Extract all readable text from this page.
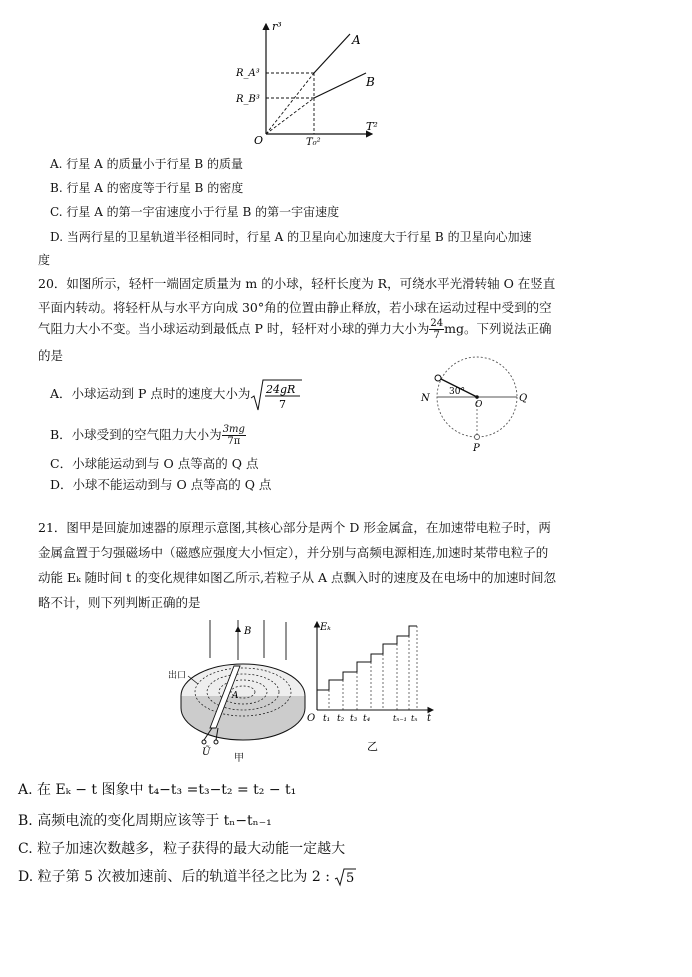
r³
T²
O	T₀²
R_A³
R_B³
A
B
A. 行星 A 的质量小于行星 B 的质量
B. 行星 A 的密度等于行星 B 的密度
C. 行星 A 的第一宇宙速度小于行星 B 的第一宇宙速度
D. 当两行星的卫星轨道半径相同时，行星 A 的卫星向心加速度大于行星 B 的卫星向心加速
度
20．如图所示，轻杆一端固定质量为 m 的小球，轻杆长度为 R，可绕水平光滑转轴 O 在竖直
平面内转动。将轻杆从与水平方向成 30°角的位置由静止释放，若小球在运动过程中受到的空
气阻力大小不变。当小球运动到最低点 P 时，轻杆对小球的弹力大小为 $\frac{24}{7}$ mg。下列说法正确
的是
A．小球运动到 P 点时的速度大小为 24gR
7
B．小球受到的空气阻力大小为 $\frac{3mg}{7\pi}$
C．小球能运动到与 O 点等高的 Q 点
D．小球不能运动到与 O 点等高的 Q 点
30°
N
O
Q
P
21．图甲是回旋加速器的原理示意图,其核心部分是两个 D 形金属盒，在加速带电粒子时，两
金属盒置于匀强磁场中（磁感应强度大小恒定），并分别与高频电源相连,加速时某带电粒子的
动能 Eₖ 随时间 t 的变化规律如图乙所示,若粒子从 A 点飘入时的速度及在电场中的加速时间忽
略不计，则下列判断正确的是
B
Ũ
出口
A
甲
Eₖ
O	t
t₁ t₂ t₃ t₄	tₙ₋₁ tₙ
乙
A. 在 Eₖ − t 图象中 t₄−t₃ =t₃−t₂ = t₂ − t₁
B. 高频电流的变化周期应该等于 tₙ−tₙ₋₁
C. 粒子加速次数越多，粒子获得的最大动能一定越大
D. 粒子第 5 次被加速前、后的轨道半径之比为 2 : 5
